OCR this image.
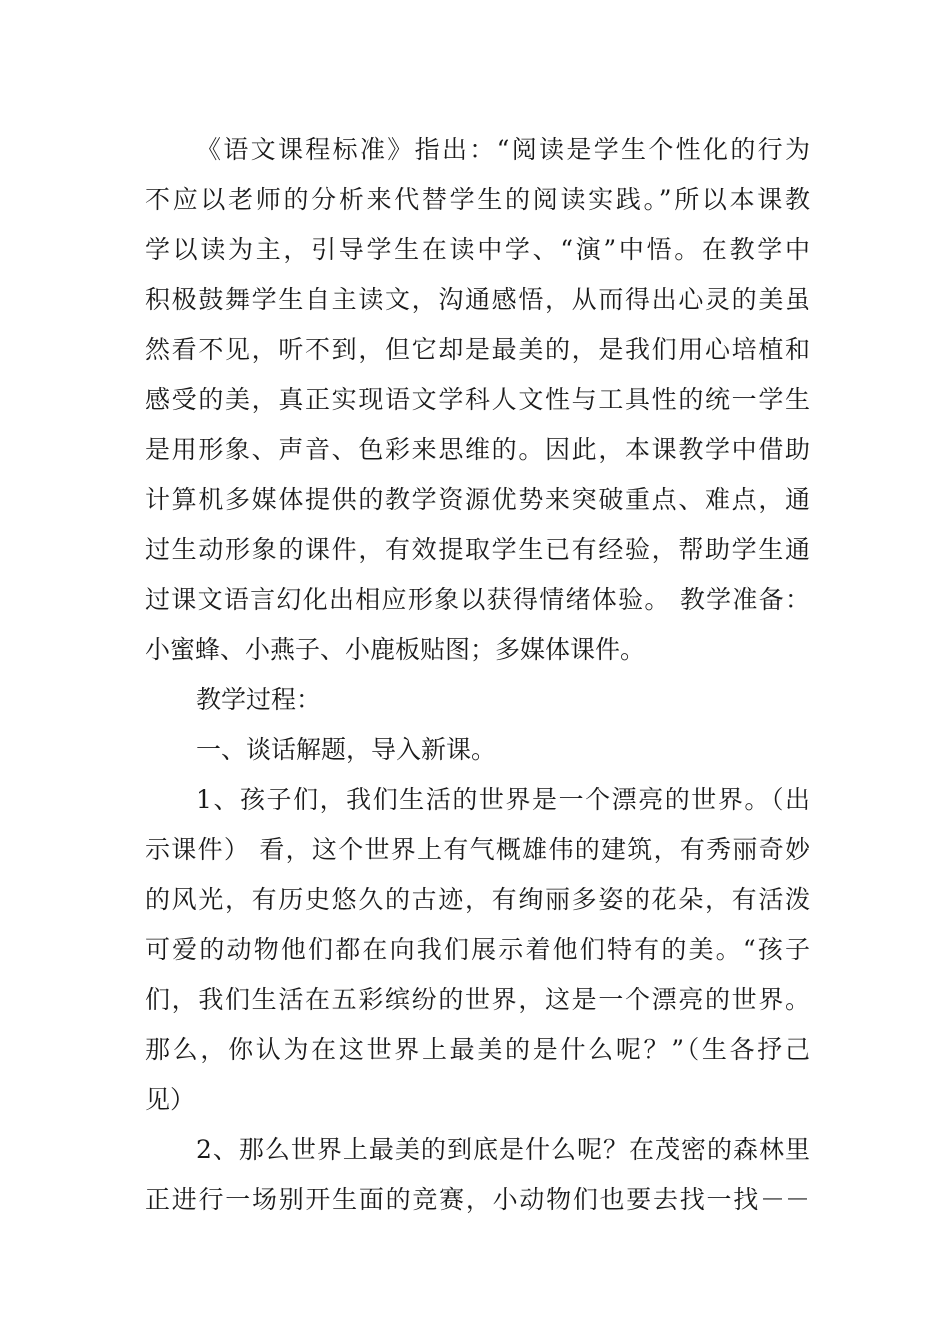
《语文课程标准》指出：“阅读是学生个性化的行为
不应以老师的分析来代替学生的阅读实践。”所以本课教
学以读为主，引导学生在读中学、“演”中悟。在教学中
积极鼓舞学生自主读文，沟通感悟，从而得出心灵的美虽
然看不见，听不到，但它却是最美的，是我们用心培植和
感受的美，真正实现语文学科人文性与工具性的统一学生
是用形象、声音、色彩来思维的。因此，本课教学中借助
计算机多媒体提供的教学资源优势来突破重点、难点，通
过生动形象的课件，有效提取学生已有经验，帮助学生通
过课文语言幻化出相应形象以获得情绪体验。 教学准备：
小蜜蜂、小燕子、小鹿板贴图；多媒体课件。
教学过程：
一、谈话解题，导入新课。
1、孩子们，我们生活的世界是一个漂亮的世界。（出
示课件） 看，这个世界上有气概雄伟的建筑，有秀丽奇妙
的风光，有历史悠久的古迹，有绚丽多姿的花朵，有活泼
可爱的动物他们都在向我们展示着他们特有的美。“孩子
们，我们生活在五彩缤纷的世界，这是一个漂亮的世界。
那么，你认为在这世界上最美的是什么呢？”（生各抒己
见）
2、那么世界上最美的到底是什么呢？在茂密的森林里
正进行一场别开生面的竞赛，小动物们也要去找一找－－
